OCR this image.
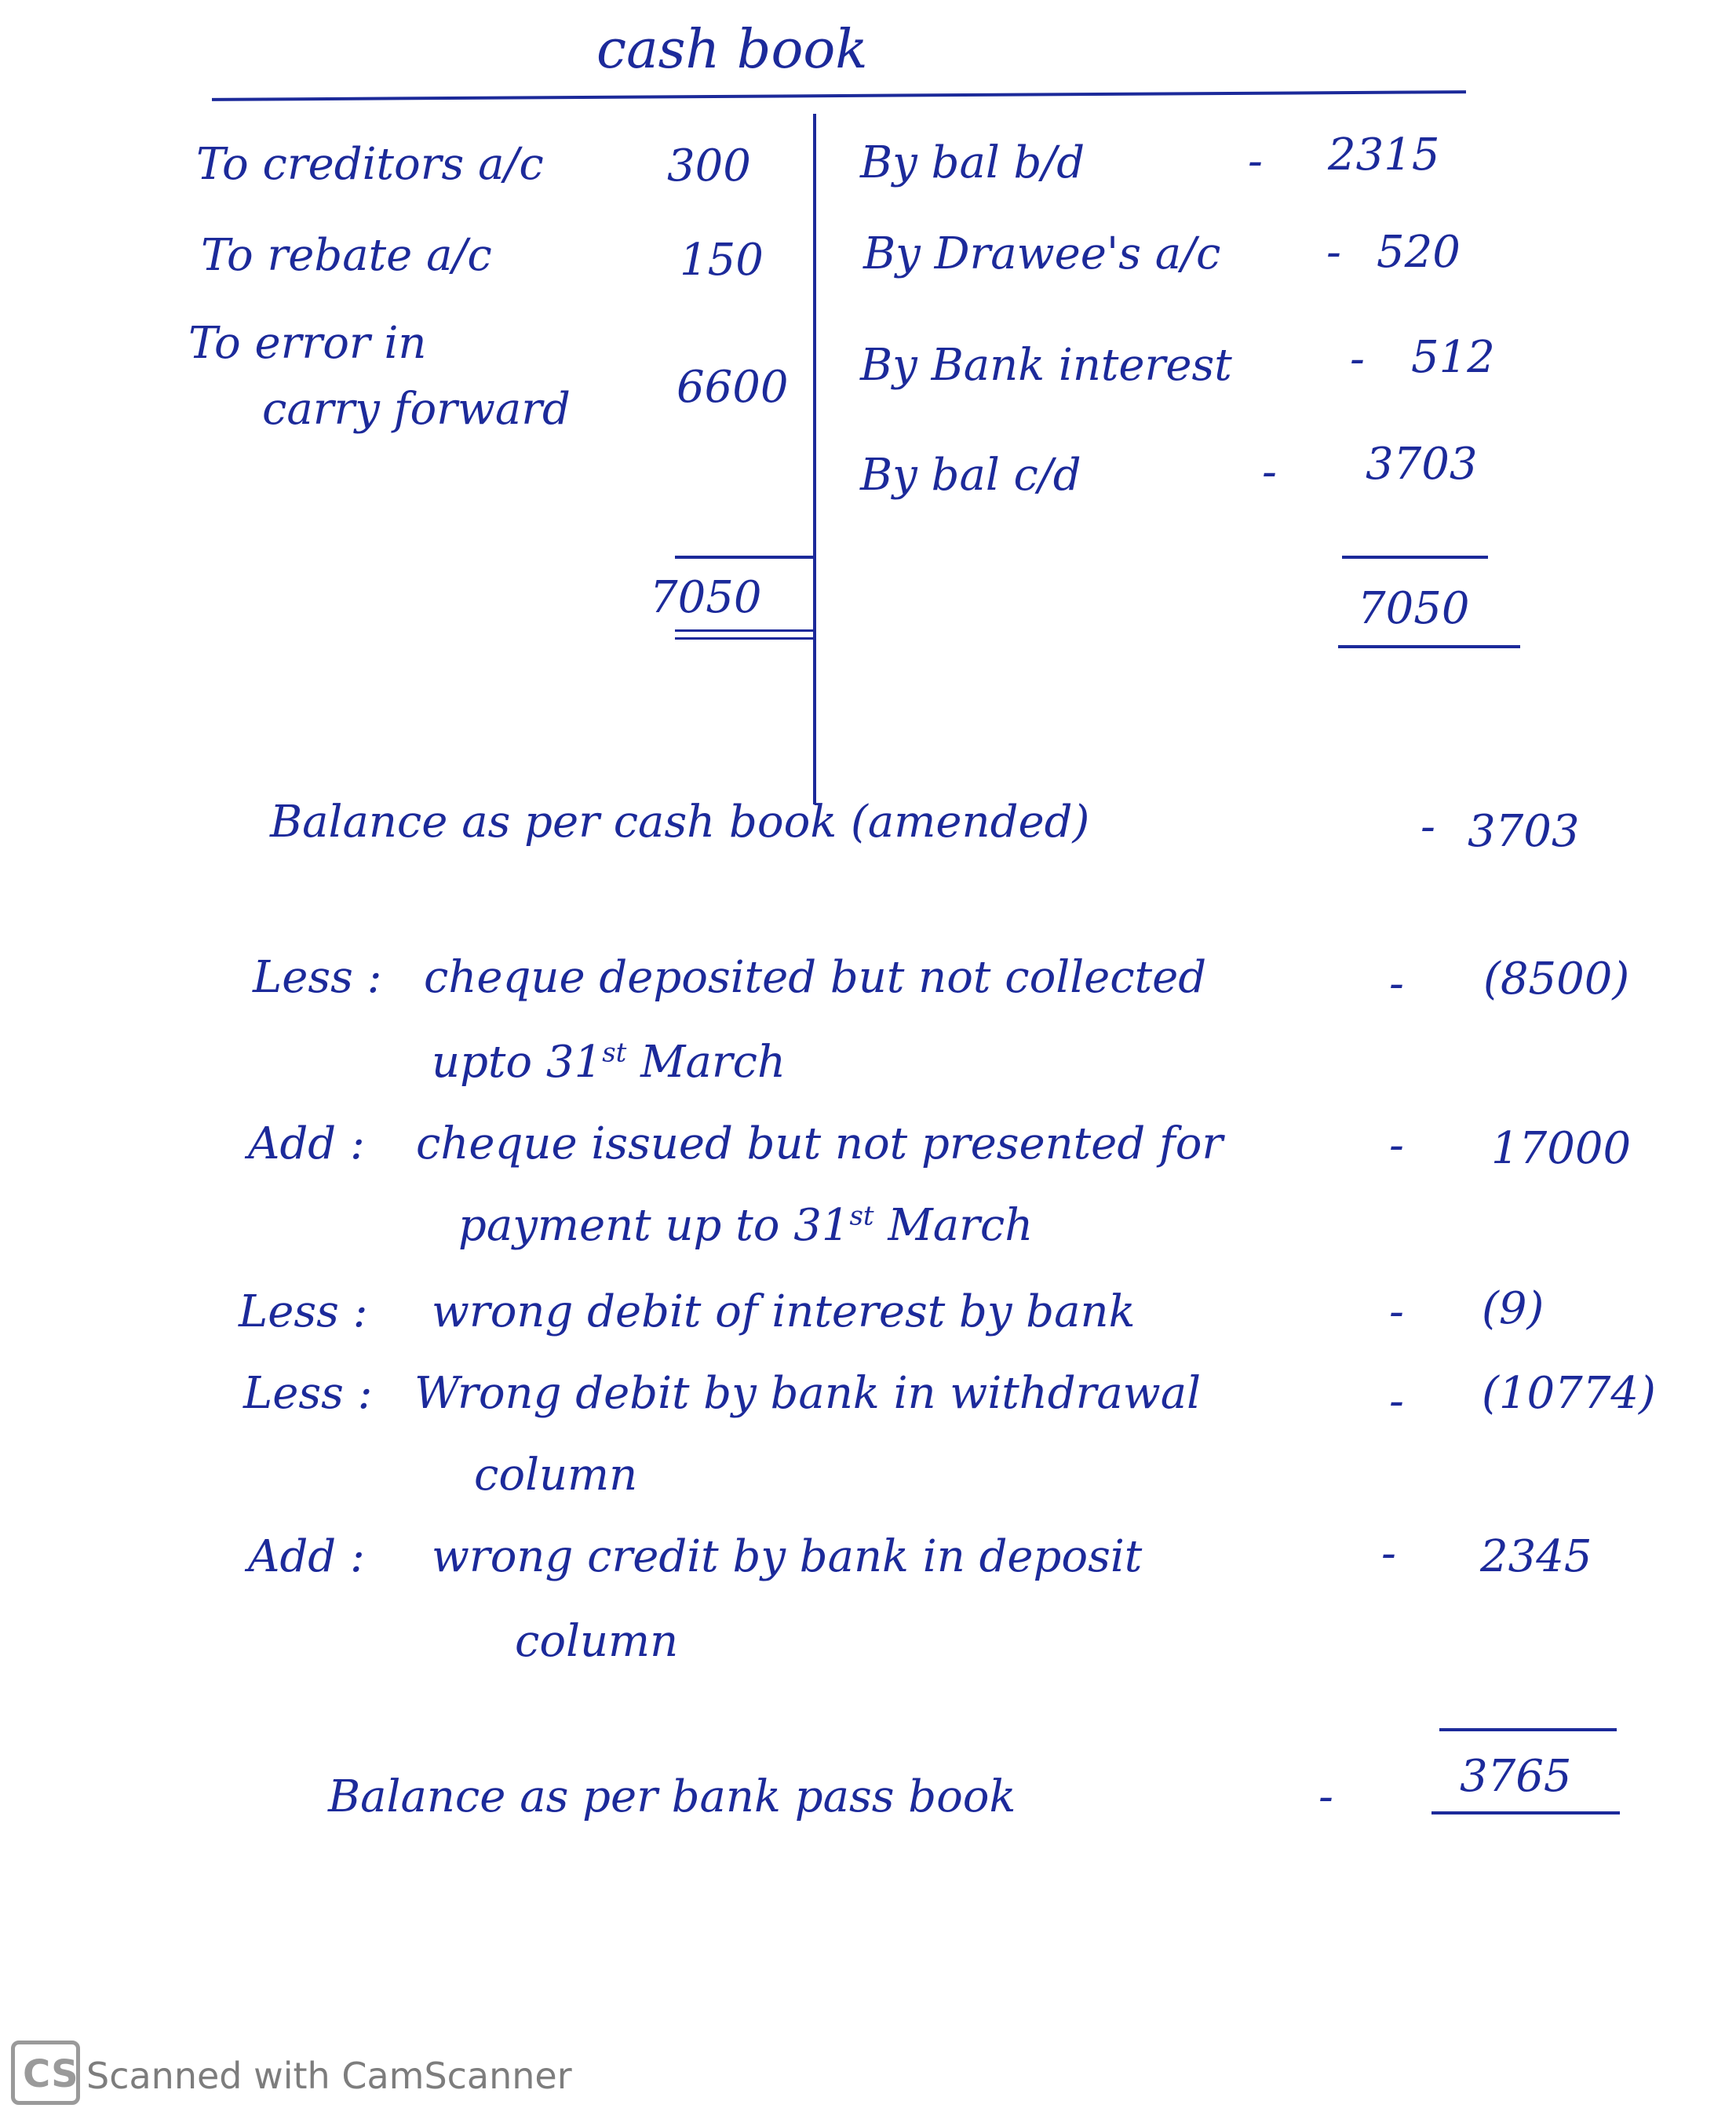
cash book
To creditors a/c	300
To rebate a/c	150
To error in
carry forward 6600
7050
By bal b/d	- 2315
By Drawee's a/c - 520
By Bank interest	- 512
By bal c/d	- 3703
7050
Balance as per cash book (amended)	- 3703
Less : cheque deposited but not collected
upto 31st March
- (8500)
Add : cheque issued but not presented for
payment up to 31st March
- 17000
Less : wrong debit of interest by bank	- (9)
Less : Wrong debit by bank in withdrawal
column
- (10774)
Add : wrong credit by bank in deposit
column
- 2345
Balance as per bank pass book	-	3765
CS Scanned with CamScanner
